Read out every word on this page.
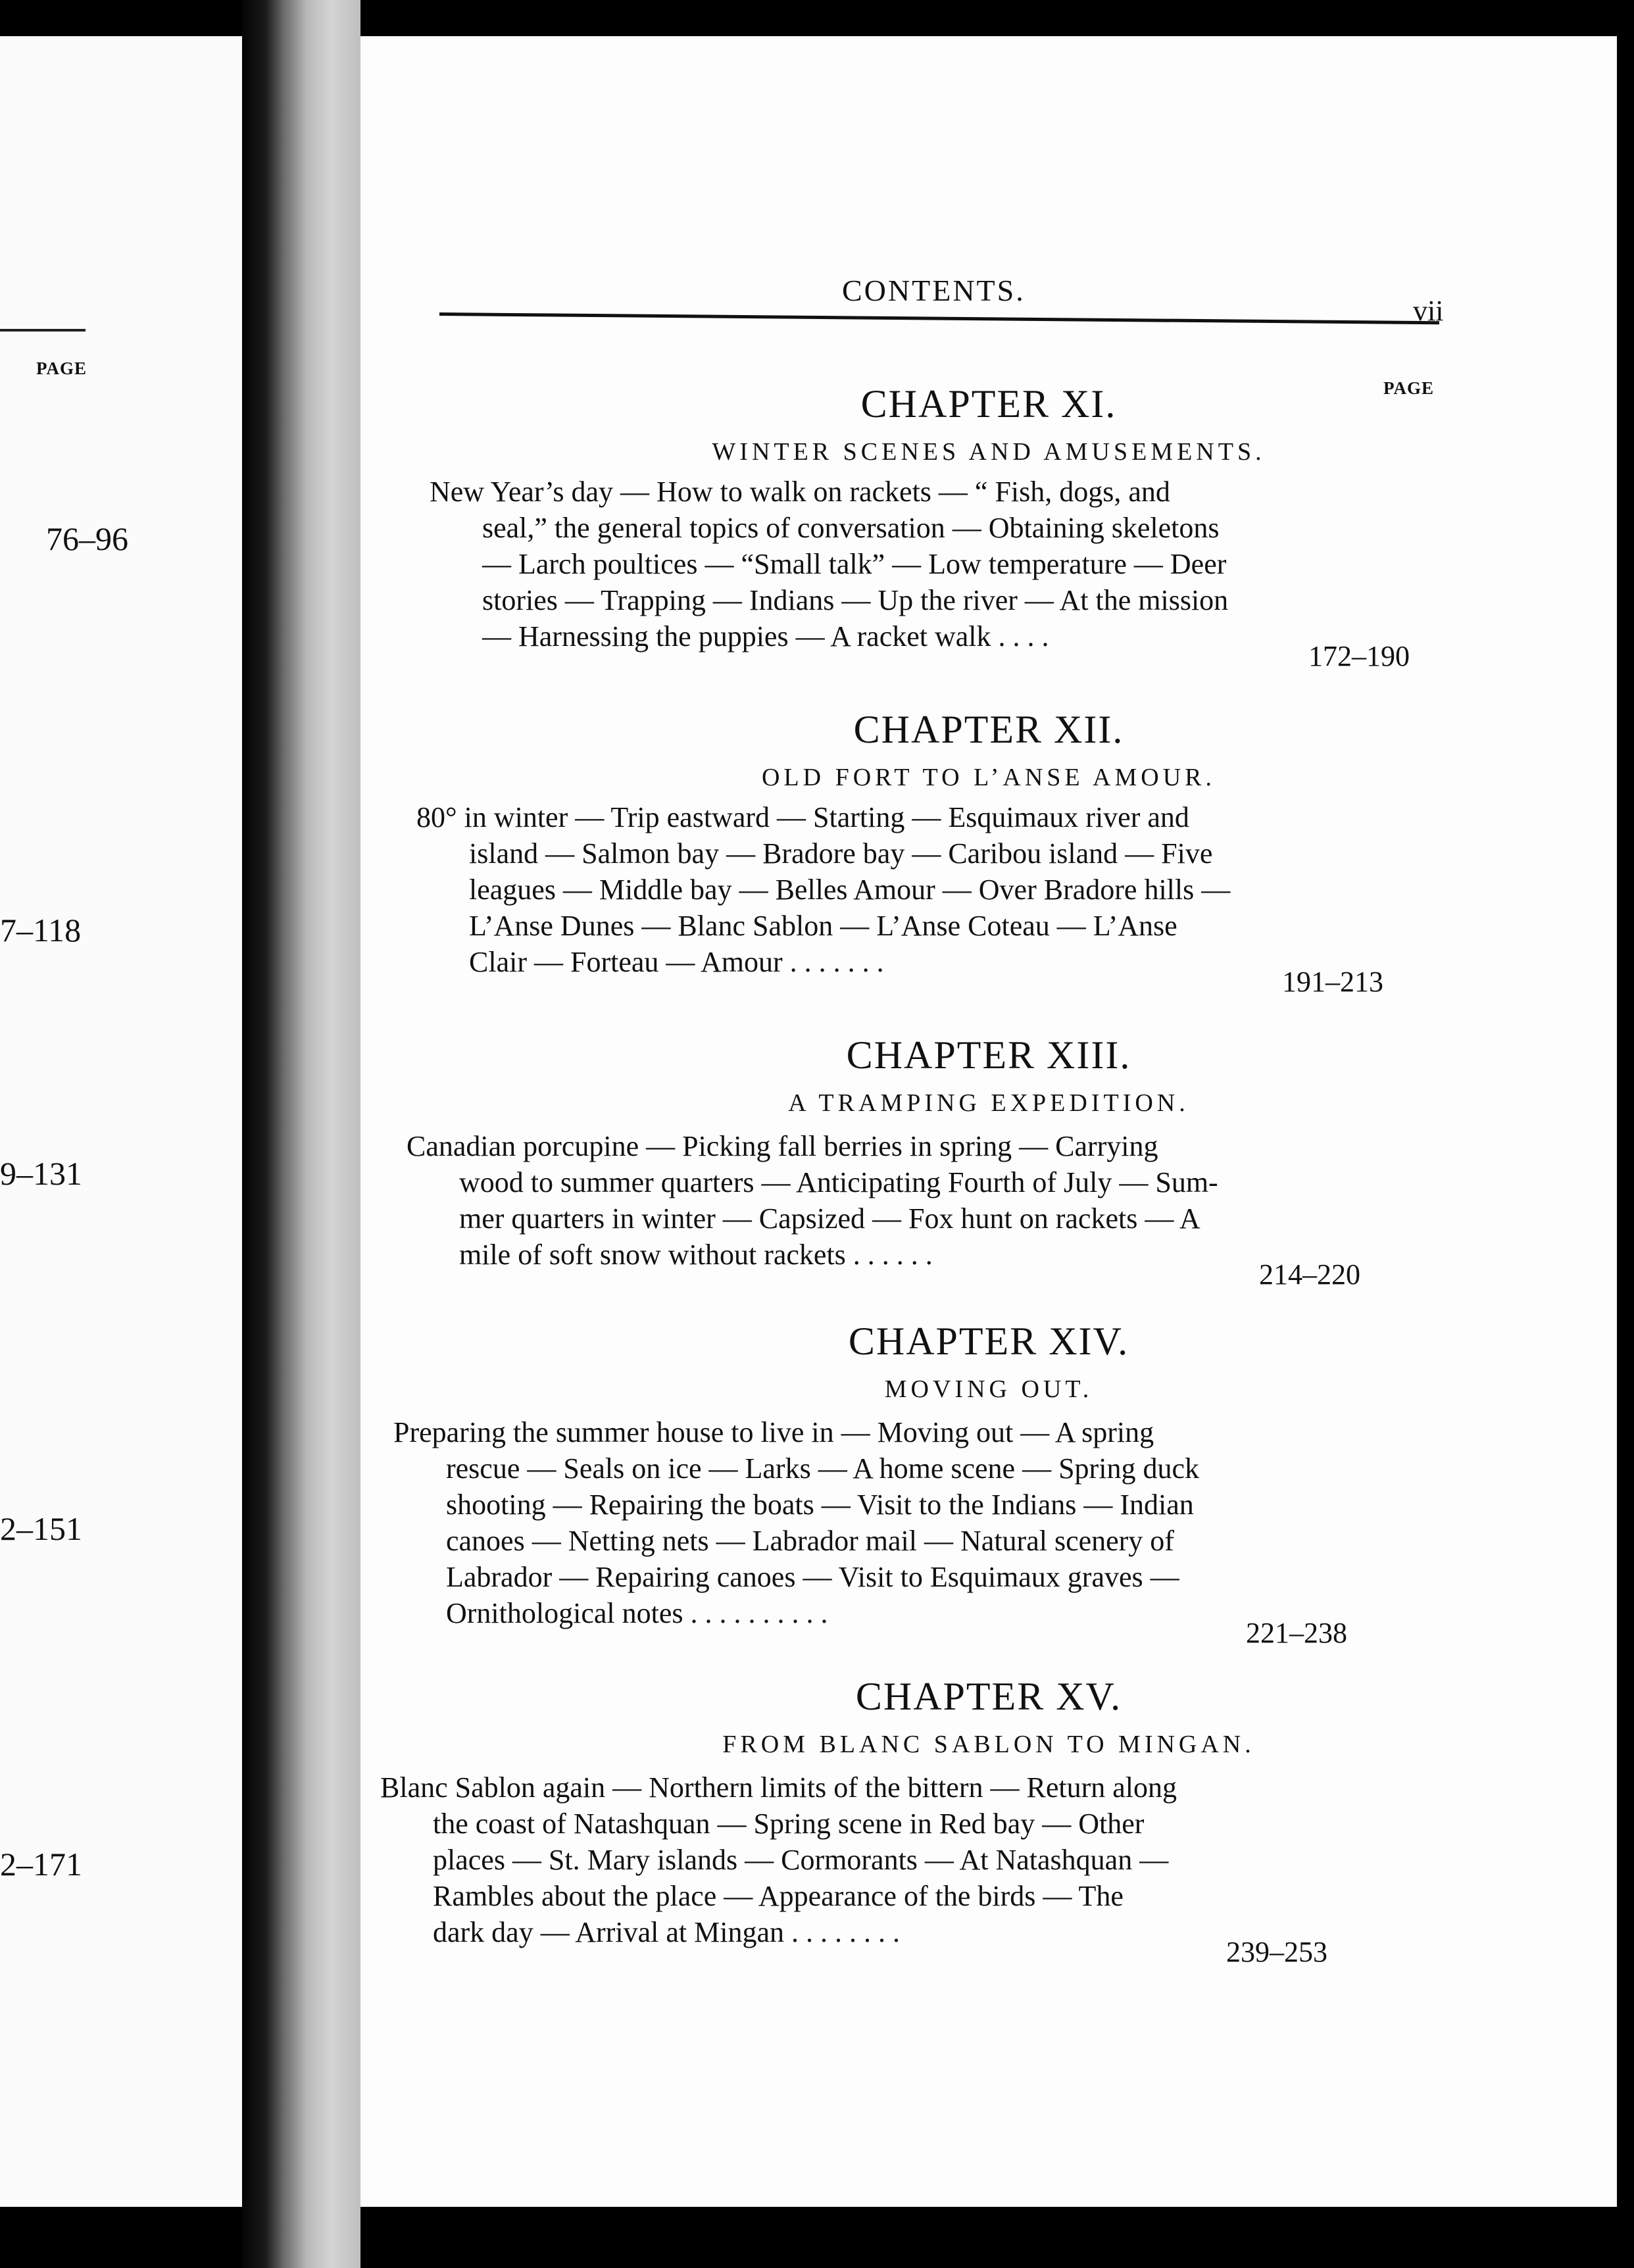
PAGE
76–96
7–118
9–131
2–151
2–171
CONTENTS.
vii
PAGE
CHAPTER XI.
WINTER SCENES AND AMUSEMENTS.
New Year’s day — How to walk on rackets — “ Fish, dogs, and
seal,” the general topics of conversation — Obtaining skeletons
— Larch poultices — “Small talk” — Low temperature — Deer
stories — Trapping — Indians — Up the river — At the mission
— Harnessing the puppies — A racket walk . . . .
172–190
CHAPTER XII.
OLD FORT TO L’ANSE AMOUR.
80° in winter — Trip eastward — Starting — Esquimaux river and
island — Salmon bay — Bradore bay — Caribou island — Five
leagues — Middle bay — Belles Amour — Over Bradore hills —
L’Anse Dunes — Blanc Sablon — L’Anse Coteau — L’Anse
Clair — Forteau — Amour . . . . . . .
191–213
CHAPTER XIII.
A TRAMPING EXPEDITION.
Canadian porcupine — Picking fall berries in spring — Carrying
wood to summer quarters — Anticipating Fourth of July — Sum-
mer quarters in winter — Capsized — Fox hunt on rackets — A
mile of soft snow without rackets . . . . . .
214–220
CHAPTER XIV.
MOVING OUT.
Preparing the summer house to live in — Moving out — A spring
rescue — Seals on ice — Larks — A home scene — Spring duck
shooting — Repairing the boats — Visit to the Indians — Indian
canoes — Netting nets — Labrador mail — Natural scenery of
Labrador — Repairing canoes — Visit to Esquimaux graves —
Ornithological notes . . . . . . . . . .
221–238
CHAPTER XV.
FROM BLANC SABLON TO MINGAN.
Blanc Sablon again — Northern limits of the bittern — Return along
the coast of Natashquan — Spring scene in Red bay — Other
places — St. Mary islands — Cormorants — At Natashquan —
Rambles about the place — Appearance of the birds — The
dark day — Arrival at Mingan . . . . . . . .
239–253
